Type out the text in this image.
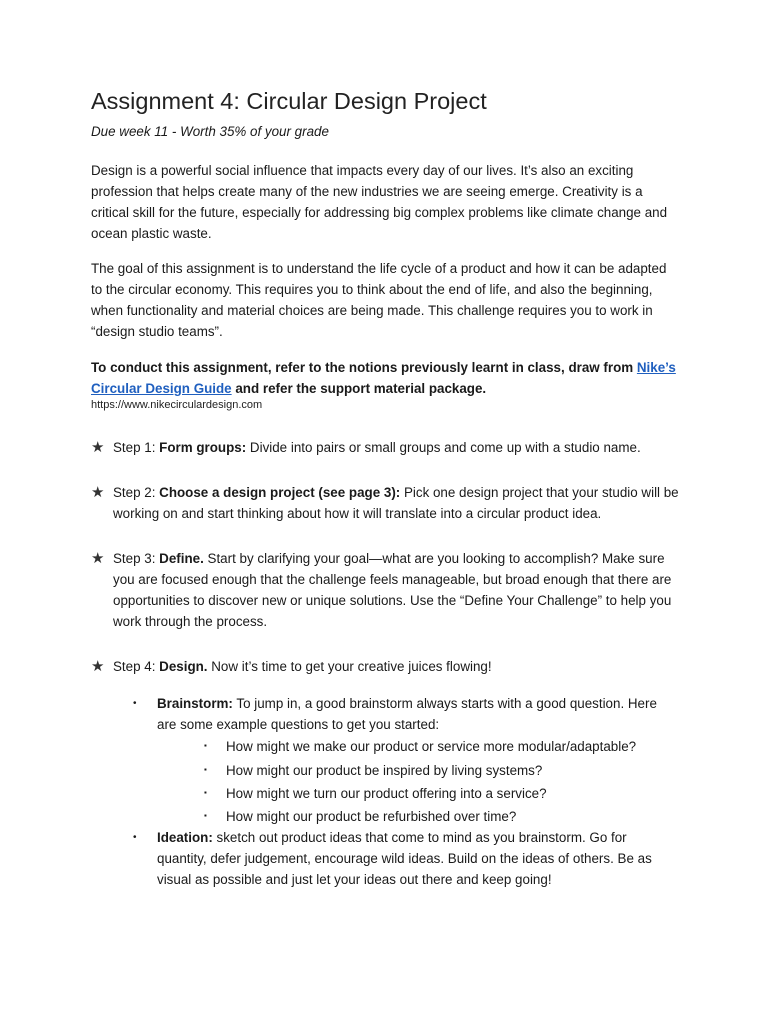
Assignment 4: Circular Design Project
Due week 11 - Worth 35% of your grade

Design is a powerful social influence that impacts every day of our lives. It’s also an exciting profession that helps create many of the new industries we are seeing emerge. Creativity is a critical skill for the future, especially for addressing big complex problems like climate change and ocean plastic waste.

The goal of this assignment is to understand the life cycle of a product and how it can be adapted to the circular economy. This requires you to think about the end of life, and also the beginning, when functionality and material choices are being made. This challenge requires you to work in “design studio teams”.

To conduct this assignment, refer to the notions previously learnt in class, draw from Nike’s Circular Design Guide and refer the support material package.

https://www.nikecirculardesign.com
★ Step 1: Form groups: Divide into pairs or small groups and come up with a studio name.

★ Step 2: Choose a design project (see page 3): Pick one design project that your studio will be working on and start thinking about how it will translate into a circular product idea.

★ Step 3: Define. Start by clarifying your goal—what are you looking to accomplish? Make sure you are focused enough that the challenge feels manageable, but broad enough that there are opportunities to discover new or unique solutions. Use the “Define Your Challenge” to help you work through the process.

★ Step 4: Design. Now it’s time to get your creative juices flowing!

• Brainstorm: To jump in, a good brainstorm always starts with a good question. Here are some example questions to get you started:
▪ How might we make our product or service more modular/adaptable?
▪ How might our product be inspired by living systems?
▪ How might we turn our product offering into a service?
▪ How might our product be refurbished over time?
• Ideation: sketch out product ideas that come to mind as you brainstorm. Go for quantity, defer judgement, encourage wild ideas. Build on the ideas of others. Be as visual as possible and just let your ideas out there and keep going!
